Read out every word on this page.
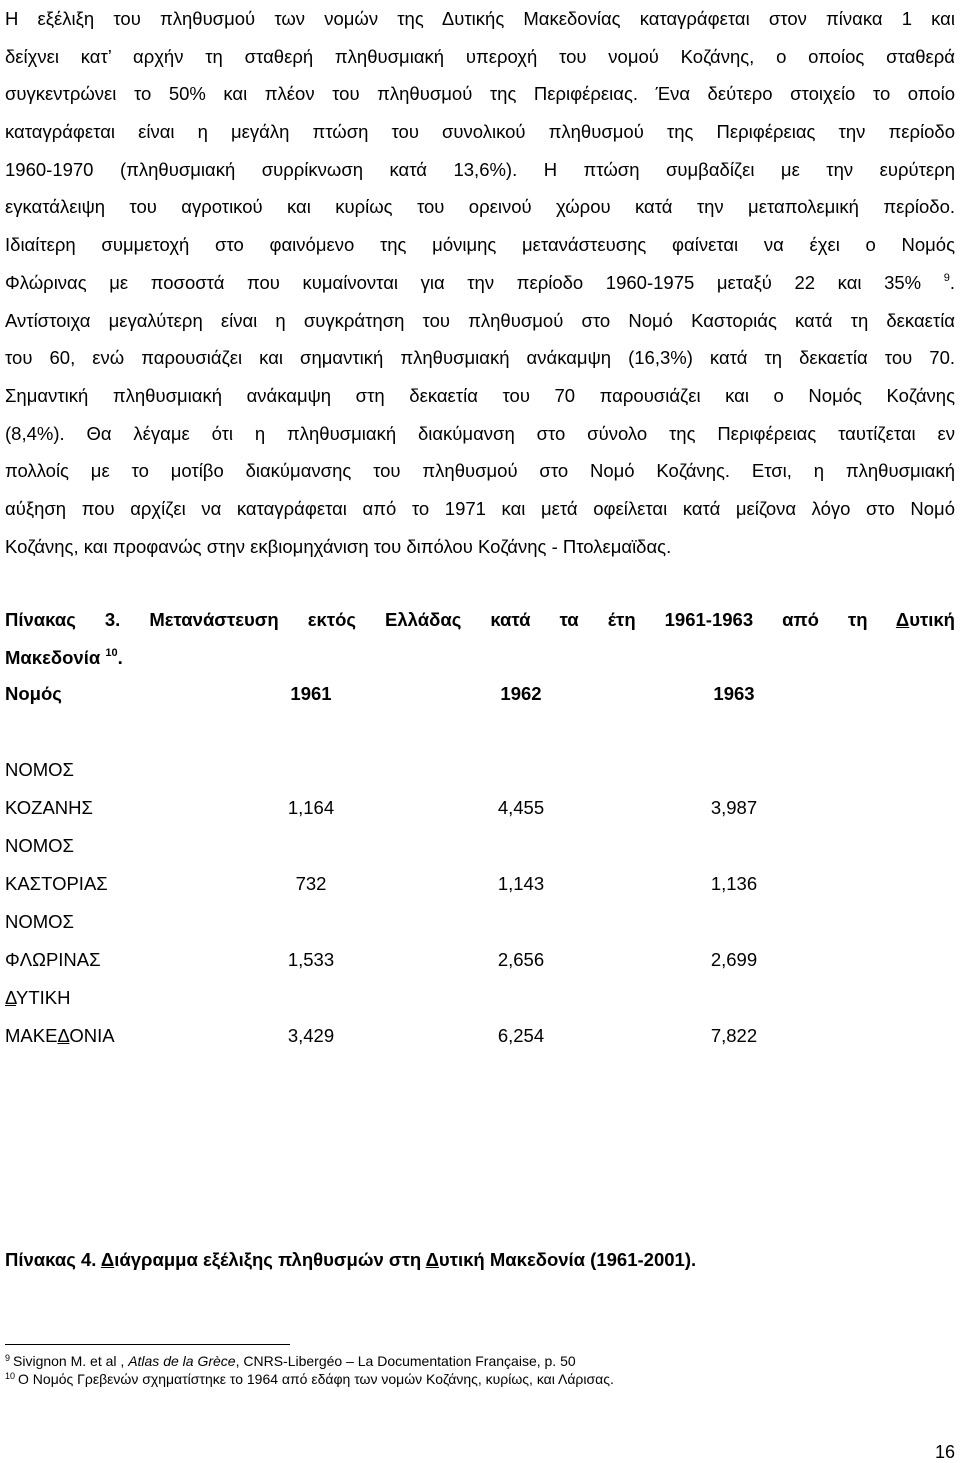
Η εξέλιξη του πληθυσμού των νομών της Δυτικής Μακεδονίας καταγράφεται στον πίνακα 1 και
δείχνει κατ’ αρχήν τη σταθερή πληθυσμιακή υπεροχή του νομού Κοζάνης, ο οποίος σταθερά
συγκεντρώνει το 50% και πλέον του πληθυσμού της Περιφέρειας. Ένα δεύτερο στοιχείο το οποίο
καταγράφεται είναι η μεγάλη πτώση του συνολικού πληθυσμού της Περιφέρειας την περίοδο
1960-1970 (πληθυσμιακή συρρίκνωση κατά 13,6%). Η πτώση συμβαδίζει με την ευρύτερη
εγκατάλειψη του αγροτικού και κυρίως του ορεινού χώρου κατά την μεταπολεμική περίοδο.
Ιδιαίτερη συμμετοχή στο φαινόμενο της μόνιμης μετανάστευσης φαίνεται να έχει ο Νομός
Φλώρινας με ποσοστά που κυμαίνονται για την περίοδο 1960-1975 μεταξύ 22 και 35% $^9$.
Αντίστοιχα μεγαλύτερη είναι η συγκράτηση του πληθυσμού στο Νομό Καστοριάς κατά τη δεκαετία
του 60, ενώ παρουσιάζει και σημαντική πληθυσμιακή ανάκαμψη (16,3%) κατά τη δεκαετία του 70.
Σημαντική πληθυσμιακή ανάκαμψη στη δεκαετία του 70 παρουσιάζει και ο Νομός Κοζάνης
(8,4%). Θα λέγαμε ότι η πληθυσμιακή διακύμανση στο σύνολο της Περιφέρειας ταυτίζεται εν
πολλοίς με το μοτίβο διακύμανσης του πληθυσμού στο Νομό Κοζάνης. Ετσι, η πληθυσμιακή
αύξηση που αρχίζει να καταγράφεται από το 1971 και μετά οφείλεται κατά μείζονα λόγο στο Νομό
Κοζάνης, και προφανώς στην εκβιομηχάνιση του διπόλου Κοζάνης - Πτολεμαϊδας.
Πίνακας 3. Μετανάστευση εκτός Ελλάδας κατά τα έτη 1961-1963 από τη Δυτική
Μακεδονία $^{10}$.
Νομός	1961	1962	1963
ΝΟΜΟΣ
ΚΟΖΑΝΗΣ	1,164	4,455	3,987
ΝΟΜΟΣ
ΚΑΣΤΟΡΙΑΣ	732	1,143	1,136
ΝΟΜΟΣ
ΦΛΩΡΙΝΑΣ	1,533	2,656	2,699
ΔΥΤΙΚΗ
ΜΑΚΕΔΟΝΙΑ	3,429	6,254	7,822
Πίνακας 4. Διάγραμμα εξέλιξης πληθυσμών στη Δυτική Μακεδονία (1961-2001).
$^9$ Sivignon M. et al , Atlas de la Grèce, CNRS-Libergéo – La Documentation Française, p. 50
$^{10}$ Ο Νομός Γρεβενών σχηματίστηκε το 1964 από εδάφη των νομών Κοζάνης, κυρίως, και Λάρισας.
16
